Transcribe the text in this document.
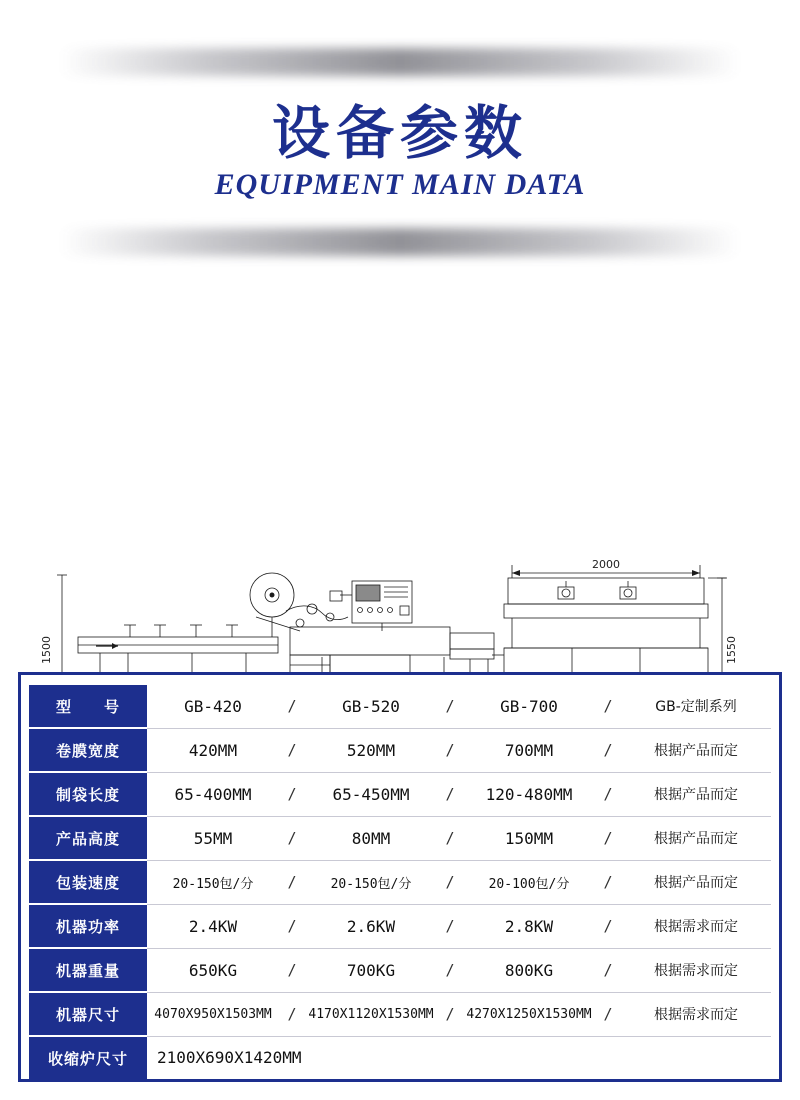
设备参数
EQUIPMENT MAIN DATA
1500
2000
1550
型　　号	GB-420	/	GB-520	/	GB-700	/	GB-定制系列
卷膜宽度	420MM	/	520MM	/	700MM	/	根据产品而定
制袋长度	65-400MM	/	65-450MM	/	120-480MM	/	根据产品而定
产品高度	55MM	/	80MM	/	150MM	/	根据产品而定
包装速度	20-150包/分	/	20-150包/分	/	20-100包/分	/	根据产品而定
机器功率	2.4KW	/	2.6KW	/	2.8KW	/	根据需求而定
机器重量	650KG	/	700KG	/	800KG	/	根据需求而定
机器尺寸	4070X950X1503MM	/	4170X1120X1530MM	/	4270X1250X1530MM	/	根据需求而定
收缩炉尺寸	2100X690X1420MM						
